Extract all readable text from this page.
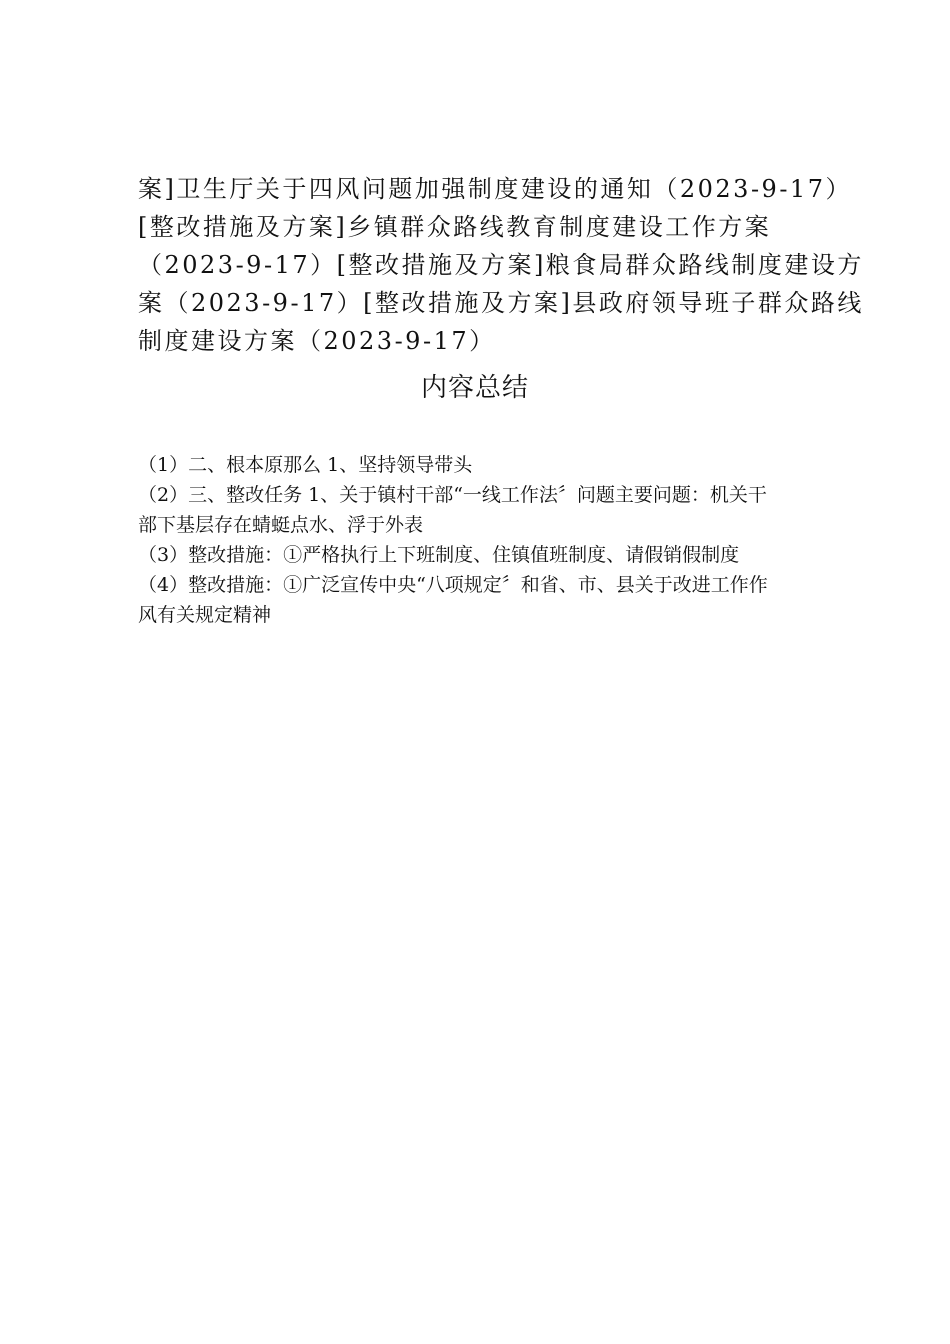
案]卫生厅关于四风问题加强制度建设的通知（2023-9-17）
[整改措施及方案]乡镇群众路线教育制度建设工作方案
（2023-9-17）[整改措施及方案]粮食局群众路线制度建设方
案（2023-9-17）[整改措施及方案]县政府领导班子群众路线
制度建设方案（2023-9-17）
内容总结
（1）二、根本原那么 1、坚持领导带头
（2）三、整改任务 1、关于镇村干部“一线工作法〞问题主要问题：机关干
部下基层存在蜻蜓点水、浮于外表
（3）整改措施：①严格执行上下班制度、住镇值班制度、请假销假制度
（4）整改措施：①广泛宣传中央“八项规定〞和省、市、县关于改进工作作
风有关规定精神
